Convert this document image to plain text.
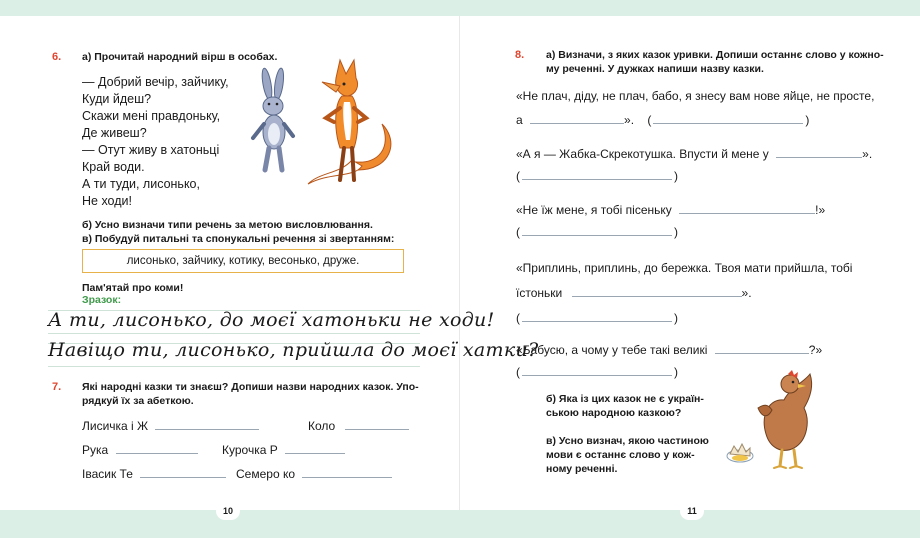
6. а) Прочитай народний вірш в особах.
— Добрий вечір, зайчику,
Куди йдеш?
Скажи мені правдоньку,
Де живеш?
— Отут живу в хатоньці
Край води.
А ти туди, лисонько,
Не ходи!
б) Усно визначи типи речень за метою висловлювання.
в) Побудуй питальні та спонукальні речення зі звертанням:
лисонько, зайчику, котику, весонько, друже.
Пам'ятай про коми!
Зразок:
А ти, лисонько, до моєї хатоньки не ходи!
Навіщо ти, лисонько, прийшла до моєї хатки?
7. Які народні казки ти знаєш? Допиши назви народних казок. Упо-
рядкуй їх за абеткою.
Лисичка і Ж	Коло
Рука	Курочка Р
Івасик Те	Семеро ко
10
8. а) Визначи, з яких казок уривки. Допиши останнє слово у кожно-
му реченні. У дужках напиши назву казки.
«Не плач, діду, не плач, бабо, я знесу вам нове яйце, не просте,
а	». (	)
«А я — Жабка-Скрекотушка. Впусти й мене у	».
(	)
«Не їж мене, я тобі пісеньку	!»
(	)
«Приплинь, приплинь, до бережка. Твоя мати прийшла, тобі
їстоньки	».
(	)
«Бабусю, а чому у тебе такі великі	?»
(	)
б) Яка із цих казок не є україн-
ською народною казкою?
в) Усно визнач, якою частиною
мови є останнє слово у кож-
ному реченні.
11
